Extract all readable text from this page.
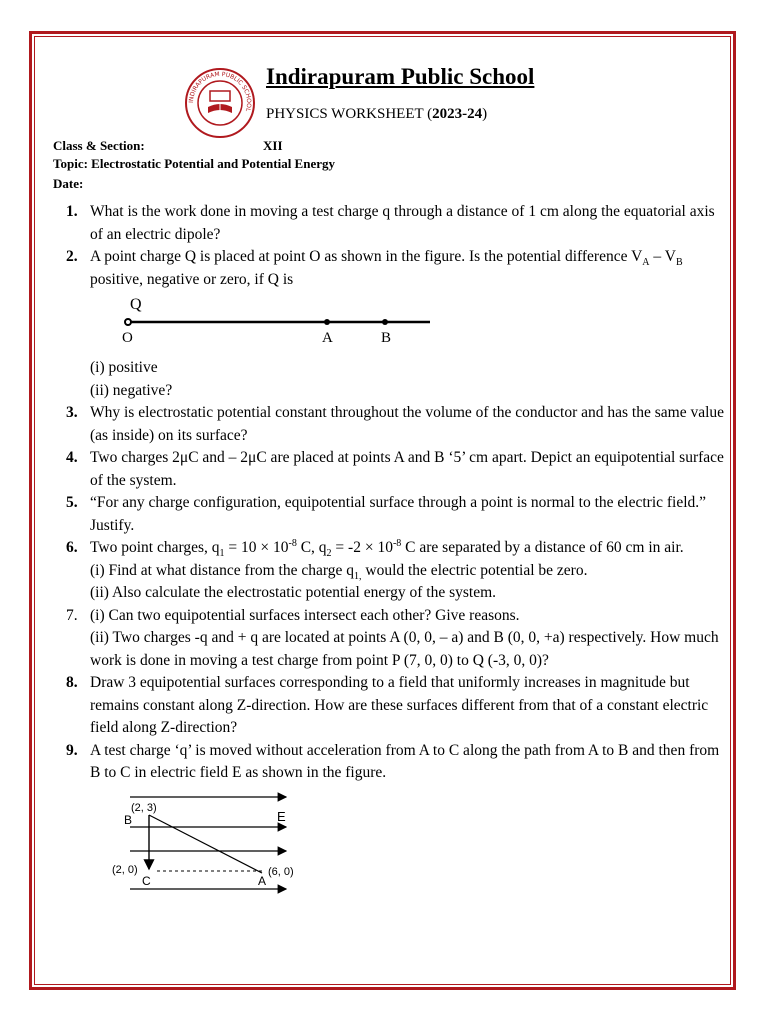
INDIRAPURAM PUBLIC SCHOOL
Indirapuram Public School
PHYSICS WORKSHEET (2023-24)
Class & Section:	XII
Topic: Electrostatic Potential and Potential Energy
Date:
1. What is the work done in moving a test charge q through a distance of 1 cm along the equatorial axis of an electric dipole?
2. A point charge Q is placed at point O as shown in the figure. Is the potential difference $V_A - V_B$ positive, negative or zero, if Q is
Q
O	A	B
(i) positive
(ii) negative?
3. Why is electrostatic potential constant throughout the volume of the conductor and has the same value (as inside) on its surface?
4. Two charges 2μC and – 2μC are placed at points A and B ‘5’ cm apart. Depict an equipotential surface of the system.
5. “For any charge configuration, equipotential surface through a point is normal to the electric field.” Justify.
6. Two point charges, $q_1 = 10 \times 10^{-8}$ C, $q_2 = -2 \times 10^{-8}$ C are separated by a distance of 60 cm in air.
(i) Find at what distance from the charge $q_{1,}$ would the electric potential be zero.
(ii) Also calculate the electrostatic potential energy of the system.
7. (i) Can two equipotential surfaces intersect each other? Give reasons.
(ii) Two charges -q and + q are located at points A (0, 0, – a) and B (0, 0, +a) respectively. How much work is done in moving a test charge from point P (7, 0, 0) to Q (-3, 0, 0)?
8. Draw 3 equipotential surfaces corresponding to a field that uniformly increases in magnitude but remains constant along Z-direction. How are these surfaces different from that of a constant electric field along Z-direction?
9. A test charge ‘q’ is moved without acceleration from A to C along the path from A to B and then from B to C in electric field E as shown in the figure.
(2, 3)
B	E
(2, 0)
C	A
(6, 0)
